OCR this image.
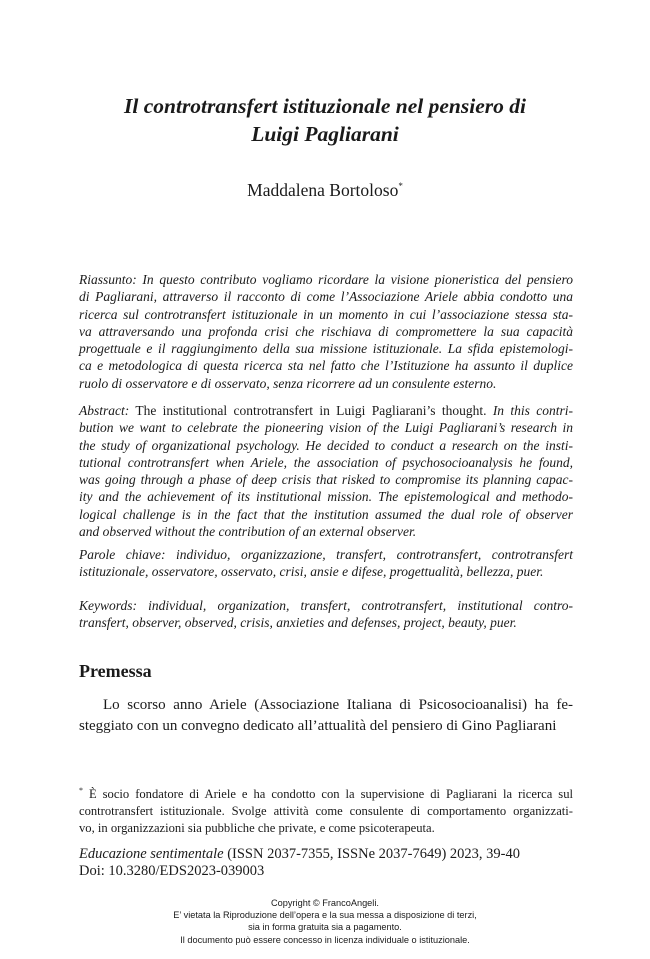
Il controtransfert istituzionale nel pensiero di
Luigi Pagliarani
Maddalena Bortoloso*
Riassunto: In questo contributo vogliamo ricordare la visione pioneristica del pensiero
di Pagliarani, attraverso il racconto di come l’Associazione Ariele abbia condotto una
ricerca sul controtransfert istituzionale in un momento in cui l’associazione stessa sta-
va attraversando una profonda crisi che rischiava di compromettere la sua capacità
progettuale e il raggiungimento della sua missione istituzionale. La sfida epistemologi-
ca e metodologica di questa ricerca sta nel fatto che l’Istituzione ha assunto il duplice
ruolo di osservatore e di osservato, senza ricorrere ad un consulente esterno.
Abstract: The institutional controtransfert in Luigi Pagliarani’s thought. In this contri-
bution we want to celebrate the pioneering vision of the Luigi Pagliarani’s research in
the study of organizational psychology. He decided to conduct a research on the insti-
tutional controtransfert when Ariele, the association of psychosocioanalysis he found,
was going through a phase of deep crisis that risked to compromise its planning capac-
ity and the achievement of its institutional mission. The epistemological and methodo-
logical challenge is in the fact that the institution assumed the dual role of observer
and observed without the contribution of an external observer.
Parole chiave: individuo, organizzazione, transfert, controtransfert, controtransfert
istituzionale, osservatore, osservato, crisi, ansie e difese, progettualità, bellezza, puer.
Keywords: individual, organization, transfert, controtransfert, institutional contro-
transfert, observer, observed, crisis, anxieties and defenses, project, beauty, puer.
Premessa
Lo scorso anno Ariele (Associazione Italiana di Psicosocioanalisi) ha fe-
steggiato con un convegno dedicato all’attualità del pensiero di Gino Pagliarani
* È socio fondatore di Ariele e ha condotto con la supervisione di Pagliarani la ricerca sul
controtransfert istituzionale. Svolge attività come consulente di comportamento organizzati-
vo, in organizzazioni sia pubbliche che private, e come psicoterapeuta.
Educazione sentimentale (ISSN 2037-7355, ISSNe 2037-7649) 2023, 39-40
Doi: 10.3280/EDS2023-039003
Copyright © FrancoAngeli.
E’ vietata la Riproduzione dell’opera e la sua messa a disposizione di terzi,
sia in forma gratuita sia a pagamento.
Il documento può essere concesso in licenza individuale o istituzionale.
